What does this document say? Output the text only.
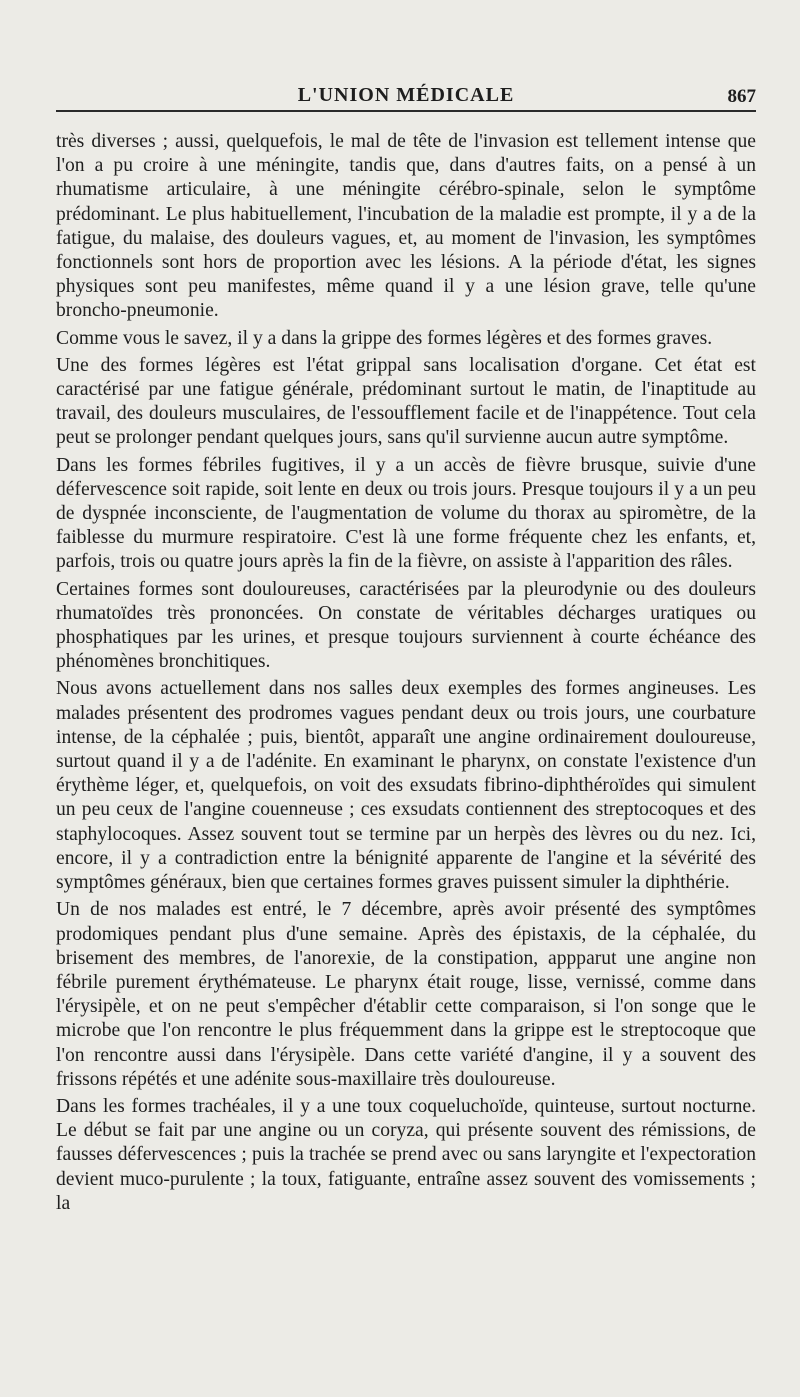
L'UNION MÉDICALE	867

très diverses ; aussi, quelquefois, le mal de tête de l'invasion est tellement intense que l'on a pu croire à une méningite, tandis que, dans d'autres faits, on a pensé à un rhumatisme articulaire, à une méningite cérébro-spinale, selon le symptôme prédominant. Le plus habituellement, l'incubation de la maladie est prompte, il y a de la fatigue, du malaise, des douleurs vagues, et, au moment de l'invasion, les symptômes fonctionnels sont hors de proportion avec les lésions. A la période d'état, les signes physiques sont peu manifestes, même quand il y a une lésion grave, telle qu'une broncho-pneumonie.

Comme vous le savez, il y a dans la grippe des formes légères et des formes graves.

Une des formes légères est l'état grippal sans localisation d'organe. Cet état est caractérisé par une fatigue générale, prédominant surtout le matin, de l'inaptitude au travail, des douleurs musculaires, de l'essoufflement facile et de l'inappétence. Tout cela peut se prolonger pendant quelques jours, sans qu'il survienne aucun autre symptôme.

Dans les formes fébriles fugitives, il y a un accès de fièvre brusque, suivie d'une défervescence soit rapide, soit lente en deux ou trois jours. Presque toujours il y a un peu de dyspnée inconsciente, de l'augmentation de volume du thorax au spiromètre, de la faiblesse du murmure respiratoire. C'est là une forme fréquente chez les enfants, et, parfois, trois ou quatre jours après la fin de la fièvre, on assiste à l'apparition des râles.

Certaines formes sont douloureuses, caractérisées par la pleurodynie ou des douleurs rhumatoïdes très prononcées. On constate de véritables décharges uratiques ou phosphatiques par les urines, et presque toujours surviennent à courte échéance des phénomènes bronchitiques.

Nous avons actuellement dans nos salles deux exemples des formes angineuses. Les malades présentent des prodromes vagues pendant deux ou trois jours, une courbature intense, de la céphalée ; puis, bientôt, apparaît une angine ordinairement douloureuse, surtout quand il y a de l'adénite. En examinant le pharynx, on constate l'existence d'un érythème léger, et, quelquefois, on voit des exsudats fibrino-diphthéroïdes qui simulent un peu ceux de l'angine couenneuse ; ces exsudats contiennent des streptocoques et des staphylocoques. Assez souvent tout se termine par un herpès des lèvres ou du nez. Ici, encore, il y a contradiction entre la bénignité apparente de l'angine et la sévérité des symptômes généraux, bien que certaines formes graves puissent simuler la diphthérie.

Un de nos malades est entré, le 7 décembre, après avoir présenté des symptômes prodomiques pendant plus d'une semaine. Après des épistaxis, de la céphalée, du brisement des membres, de l'anorexie, de la constipation, appparut une angine non fébrile purement érythémateuse. Le pharynx était rouge, lisse, vernissé, comme dans l'érysipèle, et on ne peut s'empêcher d'établir cette comparaison, si l'on songe que le microbe que l'on rencontre le plus fréquemment dans la grippe est le streptocoque que l'on rencontre aussi dans l'érysipèle. Dans cette variété d'angine, il y a souvent des frissons répétés et une adénite sous-maxillaire très douloureuse.

Dans les formes trachéales, il y a une toux coqueluchoïde, quinteuse, surtout nocturne. Le début se fait par une angine ou un coryza, qui présente souvent des rémissions, de fausses défervescences ; puis la trachée se prend avec ou sans laryngite et l'expectoration devient muco-purulente ; la toux, fatiguante, entraîne assez souvent des vomissements ; la
